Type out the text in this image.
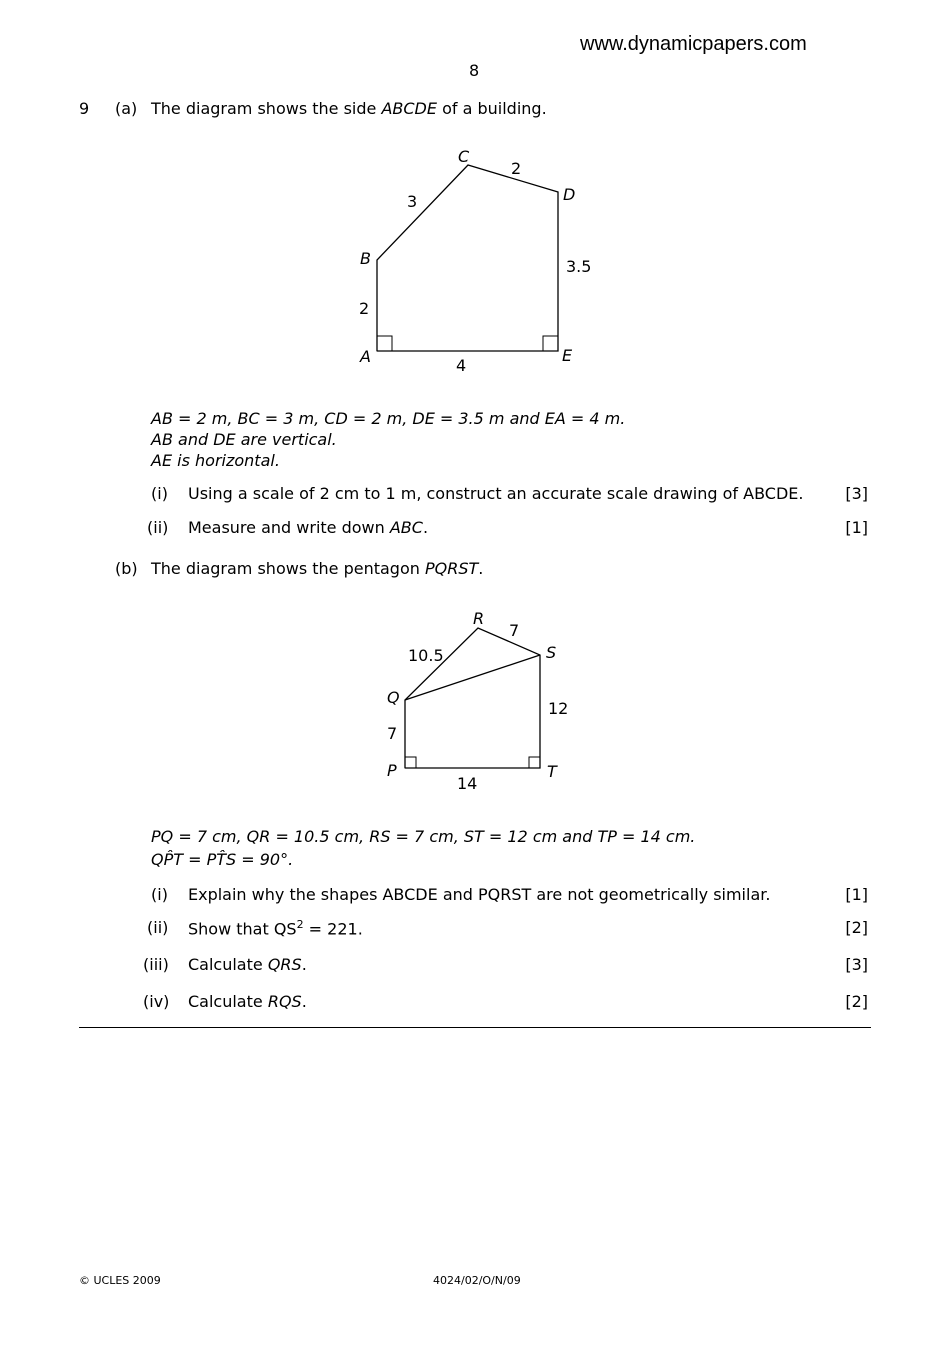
www.dynamicpapers.com
8
9 (a) The diagram shows the side ABCDE of a building.
A
B
C
D
E
2
3
2
3.5
4
AB = 2 m, BC = 3 m, CD = 2 m, DE = 3.5 m and EA = 4 m.
AB and DE are vertical.
AE is horizontal.
(i) Using a scale of 2 cm to 1 m, construct an accurate scale drawing of ABCDE.	[3]
(ii) Measure and write down ABC.	[1]
(b) The diagram shows the pentagon PQRST.
P
Q
R
S
T
7
10.5
7
12
14
PQ = 7 cm, QR = 10.5 cm, RS = 7 cm, ST = 12 cm and TP = 14 cm.
QP̂T = PT̂S = 90°.
(i) Explain why the shapes ABCDE and PQRST are not geometrically similar.	[1]
(ii) Show that $QS^2 = 221$.	[2]
(iii) Calculate QRS.	[3]
(iv) Calculate RQS.	[2]
© UCLES 2009	4024/02/O/N/09
